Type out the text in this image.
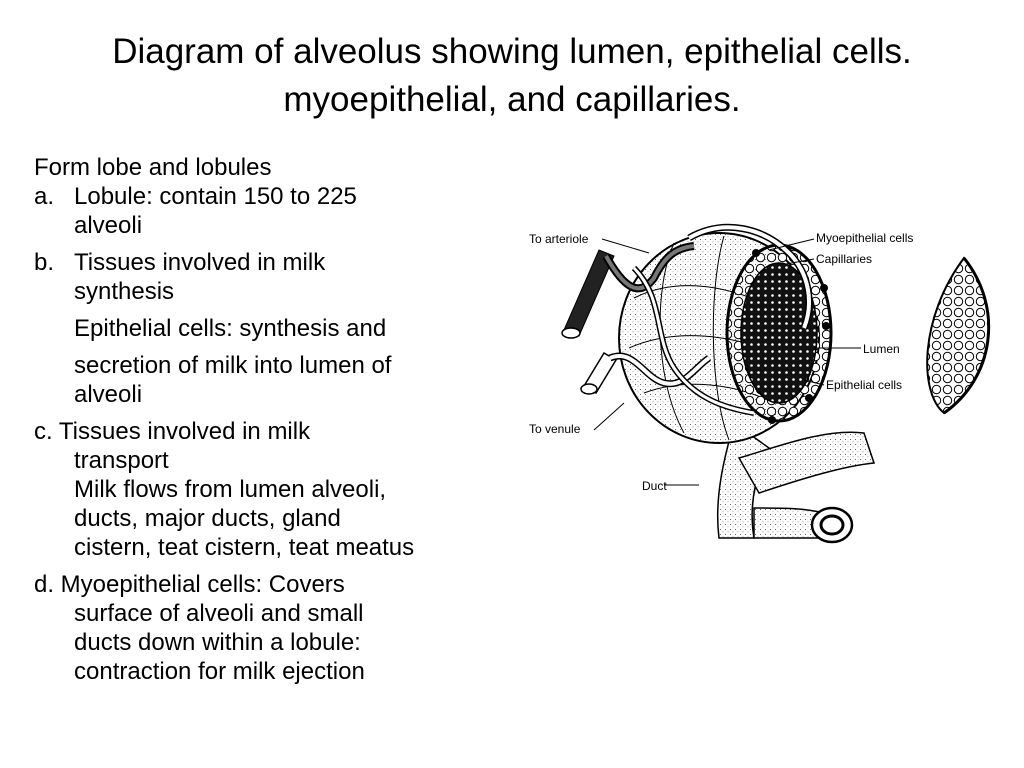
Diagram of alveolus showing lumen, epithelial cells.
myoepithelial, and capillaries.
Form lobe and lobules
a. Lobule: contain 150 to 225
alveoli
b. Tissues involved in milk
synthesis
Epithelial cells: synthesis and
secretion of milk into lumen of
alveoli
c. Tissues involved in milk
transport
Milk flows from lumen alveoli,
ducts, major ducts, gland
cistern, teat cistern, teat meatus
d. Myoepithelial cells: Covers
surface of alveoli and small
ducts down within a lobule:
contraction for milk ejection
To arteriole
To venule
Duct
Myoepithelial cells
Capillaries
Lumen
Epithelial cells
